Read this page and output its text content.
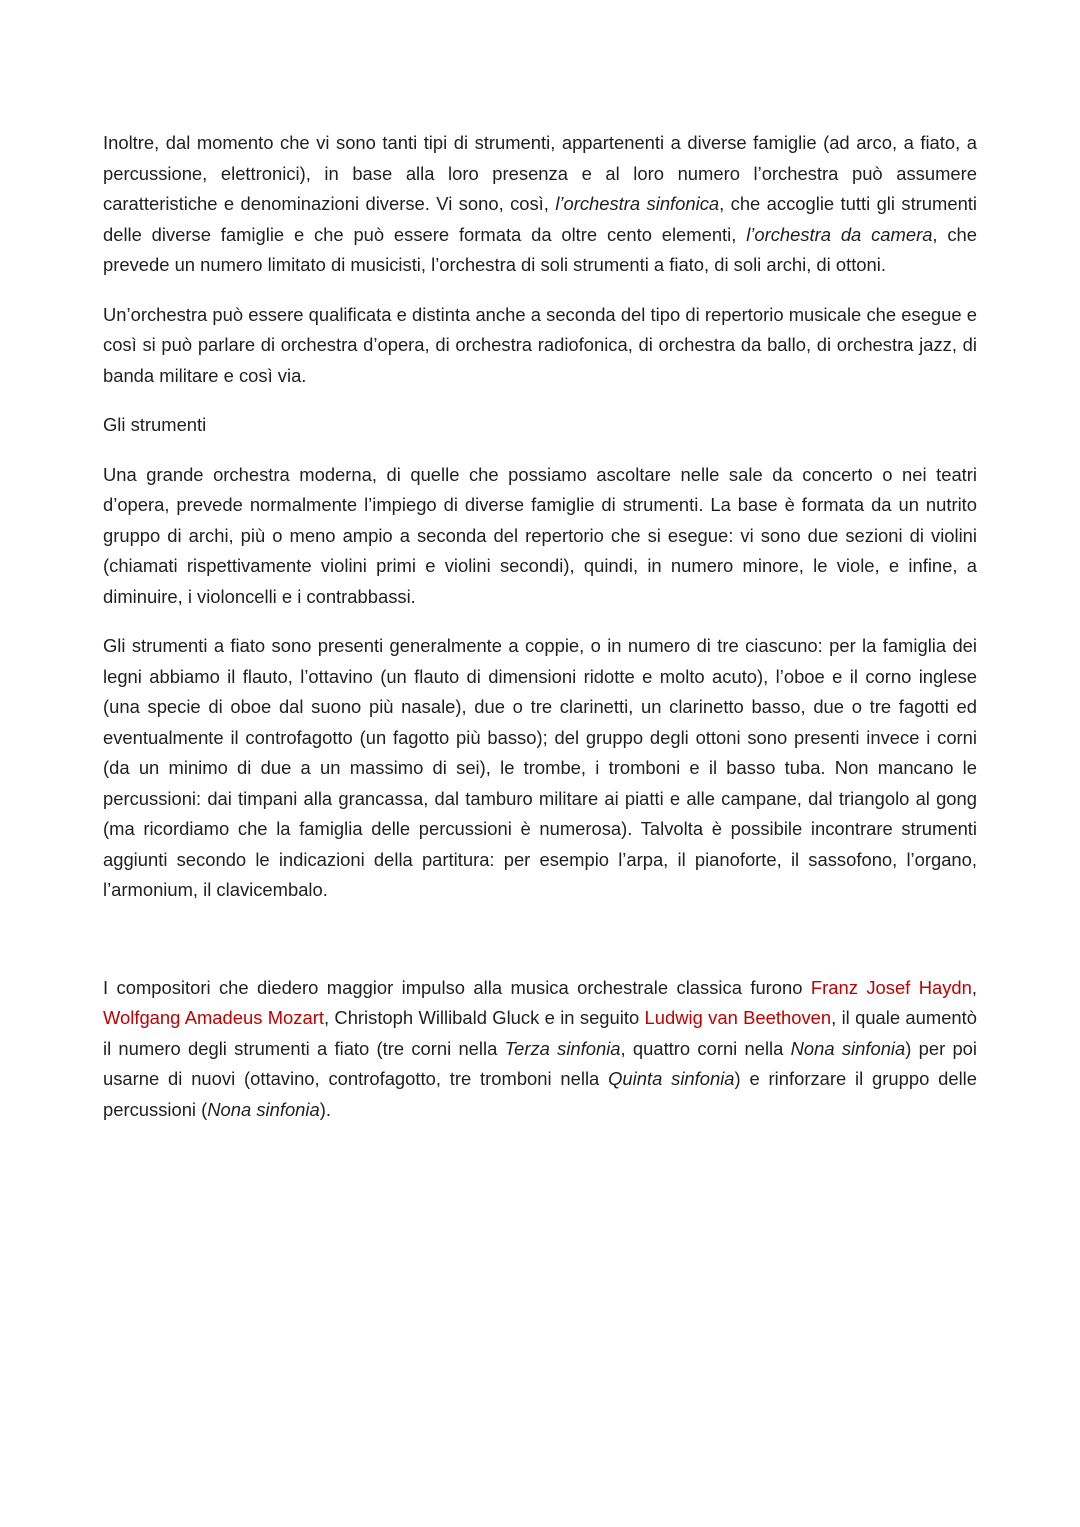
Inoltre, dal momento che vi sono tanti tipi di strumenti, appartenenti a diverse famiglie (ad arco, a fiato, a percussione, elettronici), in base alla loro presenza e al loro numero l’orchestra può assumere caratteristiche e denominazioni diverse. Vi sono, così, l’orchestra sinfonica, che accoglie tutti gli strumenti delle diverse famiglie e che può essere formata da oltre cento elementi, l’orchestra da camera, che prevede un numero limitato di musicisti, l’orchestra di soli strumenti a fiato, di soli archi, di ottoni.

Un’orchestra può essere qualificata e distinta anche a seconda del tipo di repertorio musicale che esegue e così si può parlare di orchestra d’opera, di orchestra radiofonica, di orchestra da ballo, di orchestra jazz, di banda militare e così via.

Gli strumenti

Una grande orchestra moderna, di quelle che possiamo ascoltare nelle sale da concerto o nei teatri d’opera, prevede normalmente l’impiego di diverse famiglie di strumenti. La base è formata da un nutrito gruppo di archi, più o meno ampio a seconda del repertorio che si esegue: vi sono due sezioni di violini (chiamati rispettivamente violini primi e violini secondi), quindi, in numero minore, le viole, e infine, a diminuire, i violoncelli e i contrabbassi.

Gli strumenti a fiato sono presenti generalmente a coppie, o in numero di tre ciascuno: per la famiglia dei legni abbiamo il flauto, l’ottavino (un flauto di dimensioni ridotte e molto acuto), l’oboe e il corno inglese (una specie di oboe dal suono più nasale), due o tre clarinetti, un clarinetto basso, due o tre fagotti ed eventualmente il controfagotto (un fagotto più basso); del gruppo degli ottoni sono presenti invece i corni (da un minimo di due a un massimo di sei), le trombe, i tromboni e il basso tuba. Non mancano le percussioni: dai timpani alla grancassa, dal tamburo militare ai piatti e alle campane, dal triangolo al gong (ma ricordiamo che la famiglia delle percussioni è numerosa). Talvolta è possibile incontrare strumenti aggiunti secondo le indicazioni della partitura: per esempio l’arpa, il pianoforte, il sassofono, l’organo, l’armonium, il clavicembalo.

I compositori che diedero maggior impulso alla musica orchestrale classica furono Franz Josef Haydn, Wolfgang Amadeus Mozart, Christoph Willibald Gluck e in seguito Ludwig van Beethoven, il quale aumentò il numero degli strumenti a fiato (tre corni nella Terza sinfonia, quattro corni nella Nona sinfonia) per poi usarne di nuovi (ottavino, controfagotto, tre tromboni nella Quinta sinfonia) e rinforzare il gruppo delle percussioni (Nona sinfonia).
